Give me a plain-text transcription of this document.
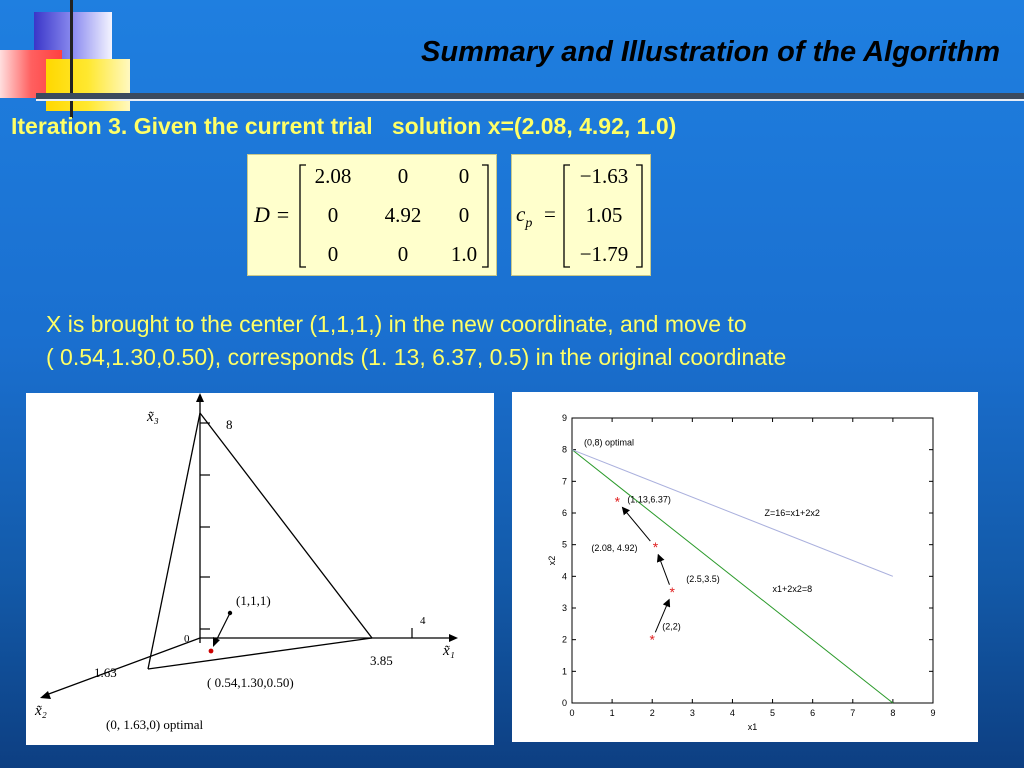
Summary and Illustration of the Algorithm
Iteration 3. Given the current trial   solution x=(2.08, 4.92, 1.0)
D =
2.08 0 0
0 4.92 0
0	0 1.0
$c_p$ =
−1.63
1.05
−1.79
X is brought to the center (1,1,1,) in the new coordinate, and move to
( 0.54,1.30,0.50), corresponds (1. 13, 6.37, 0.5) in the original coordinate
x̃₃
x̃₁
x̃₂
8
4
0
1.63
3.85
(1,1,1)
( 0.54,1.30,0.50)
(0, 1.63,0) optimal
0	1	2	3	4	5	6	7	8	9
0
1
2
3
4
5
6
7
8
9
x1
x2
*
(2,2)
*
(2.5,3.5)
*
(2.08, 4.92)
* (1.13,6.37)
(0,8) optimal
Z=16=x1+2x2
x1+2x2=8
